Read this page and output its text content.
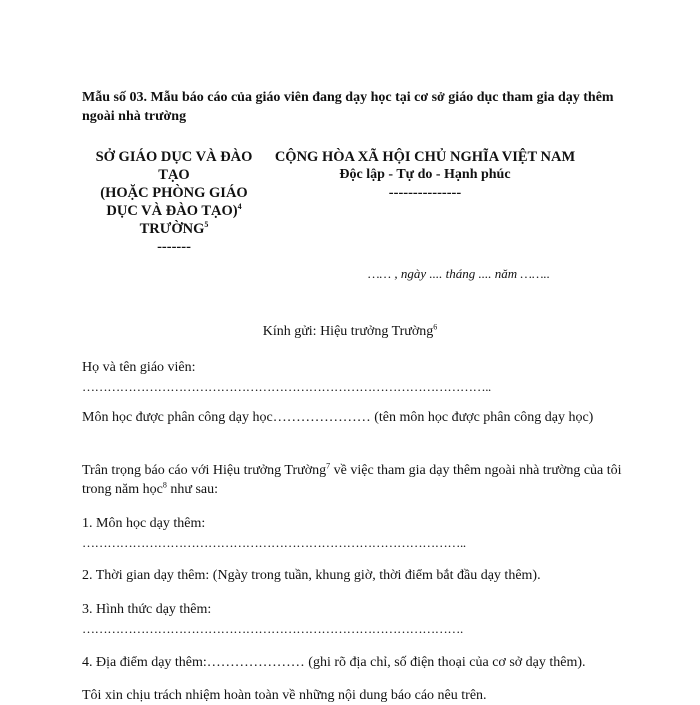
Mẫu số 03. Mẫu báo cáo của giáo viên đang dạy học tại cơ sở giáo dục tham gia dạy thêm ngoài nhà trường
SỞ GIÁO DỤC VÀ ĐÀO TẠO
(HOẶC PHÒNG GIÁO DỤC VÀ ĐÀO TẠO)$^4$
TRƯỜNG$^5$
-------
CỘNG HÒA XÃ HỘI CHỦ NGHĨA VIỆT NAM
Độc lập - Tự do - Hạnh phúc
---------------
…… , ngày .... tháng .... năm ……..
Kính gửi: Hiệu trưởng Trường$^6$
Họ và tên giáo viên:
……………………………………………………………………………………..
Môn học được phân công dạy học………………… (tên môn học được phân công dạy học)
Trân trọng báo cáo với Hiệu trưởng Trường$^7$ về việc tham gia dạy thêm ngoài nhà trường của tôi trong năm học$^8$ như sau:
1. Môn học dạy thêm:
………………………………………………………………………………..
2. Thời gian dạy thêm: (Ngày trong tuần, khung giờ, thời điểm bắt đầu dạy thêm).
3. Hình thức dạy thêm:
……………………………………………………………………………….
4. Địa điểm dạy thêm:………………… (ghi rõ địa chỉ, số điện thoại của cơ sở dạy thêm).
Tôi xin chịu trách nhiệm hoàn toàn về những nội dung báo cáo nêu trên.
